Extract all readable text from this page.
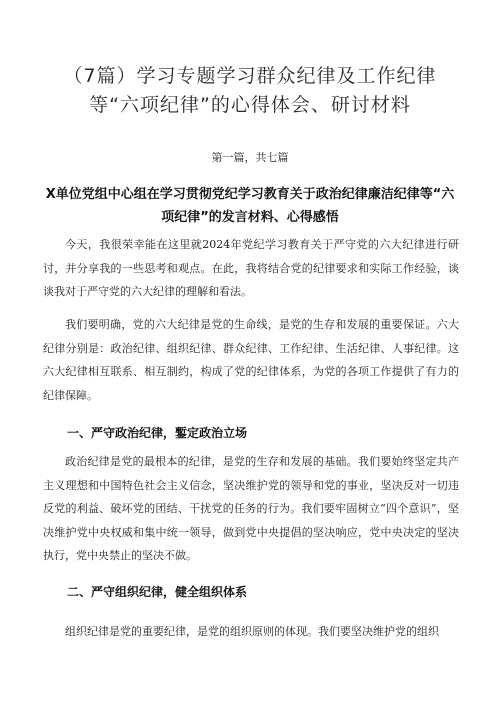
（7篇）学习专题学习群众纪律及工作纪律等“六项纪律”的心得体会、研讨材料
第一篇，共七篇
X单位党组中心组在学习贯彻党纪学习教育关于政治纪律廉洁纪律等“六项纪律”的发言材料、心得感悟

今天，我很荣幸能在这里就2024年党纪学习教育关于严守党的六大纪律进行研讨，并分享我的一些思考和观点。在此，我将结合党的纪律要求和实际工作经验，谈谈我对于严守党的六大纪律的理解和看法。

我们要明确，党的六大纪律是党的生命线，是党的生存和发展的重要保证。六大纪律分别是：政治纪律、组织纪律、群众纪律、工作纪律、生活纪律、人事纪律。这六大纪律相互联系、相互制约，构成了党的纪律体系，为党的各项工作提供了有力的纪律保障。

一、严守政治纪律，鏨定政治立场

政治纪律是党的最根本的纪律，是党的生存和发展的基础。我们要始终坚定共产主义理想和中国特色社会主义信念，坚决维护党的领导和党的事业，坚决反对一切违反党的利益、破坏党的团结、干扰党的任务的行为。我们要牢固树立“四个意识”，坚决维护党中央权威和集中统一领导，做到党中央提倡的坚决响应，党中央决定的坚决执行，党中央禁止的坚决不做。

二、严守组织纪律，健全组织体系

组织纪律是党的重要纪律，是党的组织原则的体现。我们要坚决维护党的组织
